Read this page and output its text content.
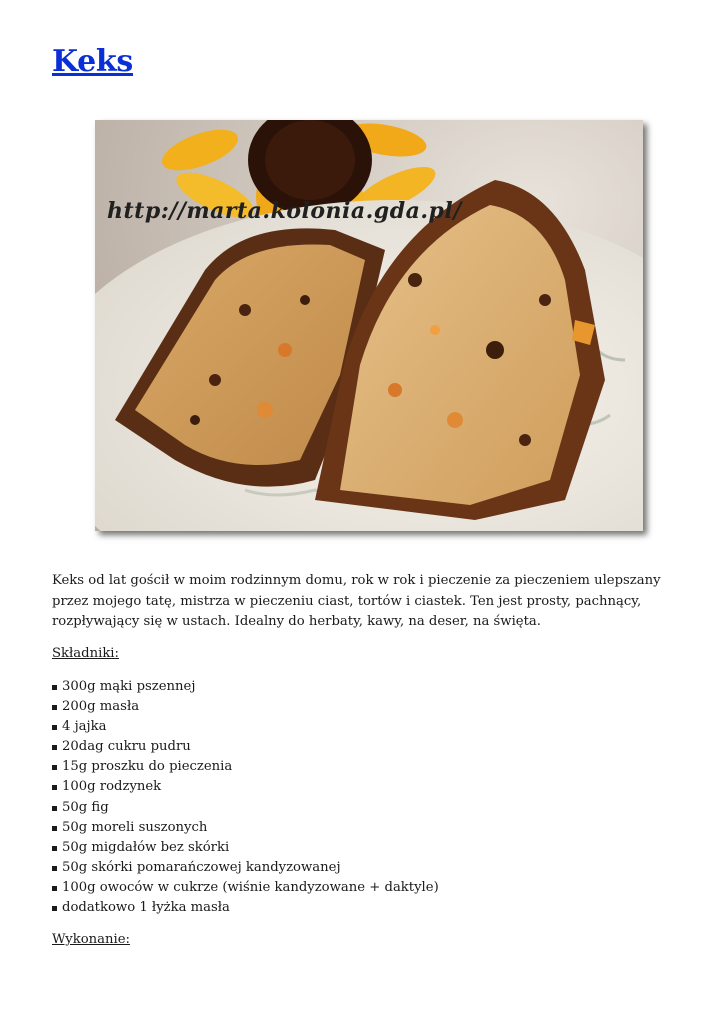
Keks
http://marta.kolonia.gda.pl/

Keks od lat gościł w moim rodzinnym domu, rok w rok i pieczenie za pieczeniem ulepszany przez mojego tatę, mistrza w pieczeniu ciast, tortów i ciastek. Ten jest prosty, pachnący, rozpływający się w ustach. Idealny do herbaty, kawy, na deser, na święta.

Składniki:

300g mąki pszennej
200g masła
4 jajka
20dag cukru pudru
15g proszku do pieczenia
100g rodzynek
50g fig
50g moreli suszonych
50g migdałów bez skórki
50g skórki pomarańczowej kandyzowanej
100g owoców w cukrze (wiśnie kandyzowane + daktyle)
dodatkowo 1 łyżka masła

Wykonanie:
